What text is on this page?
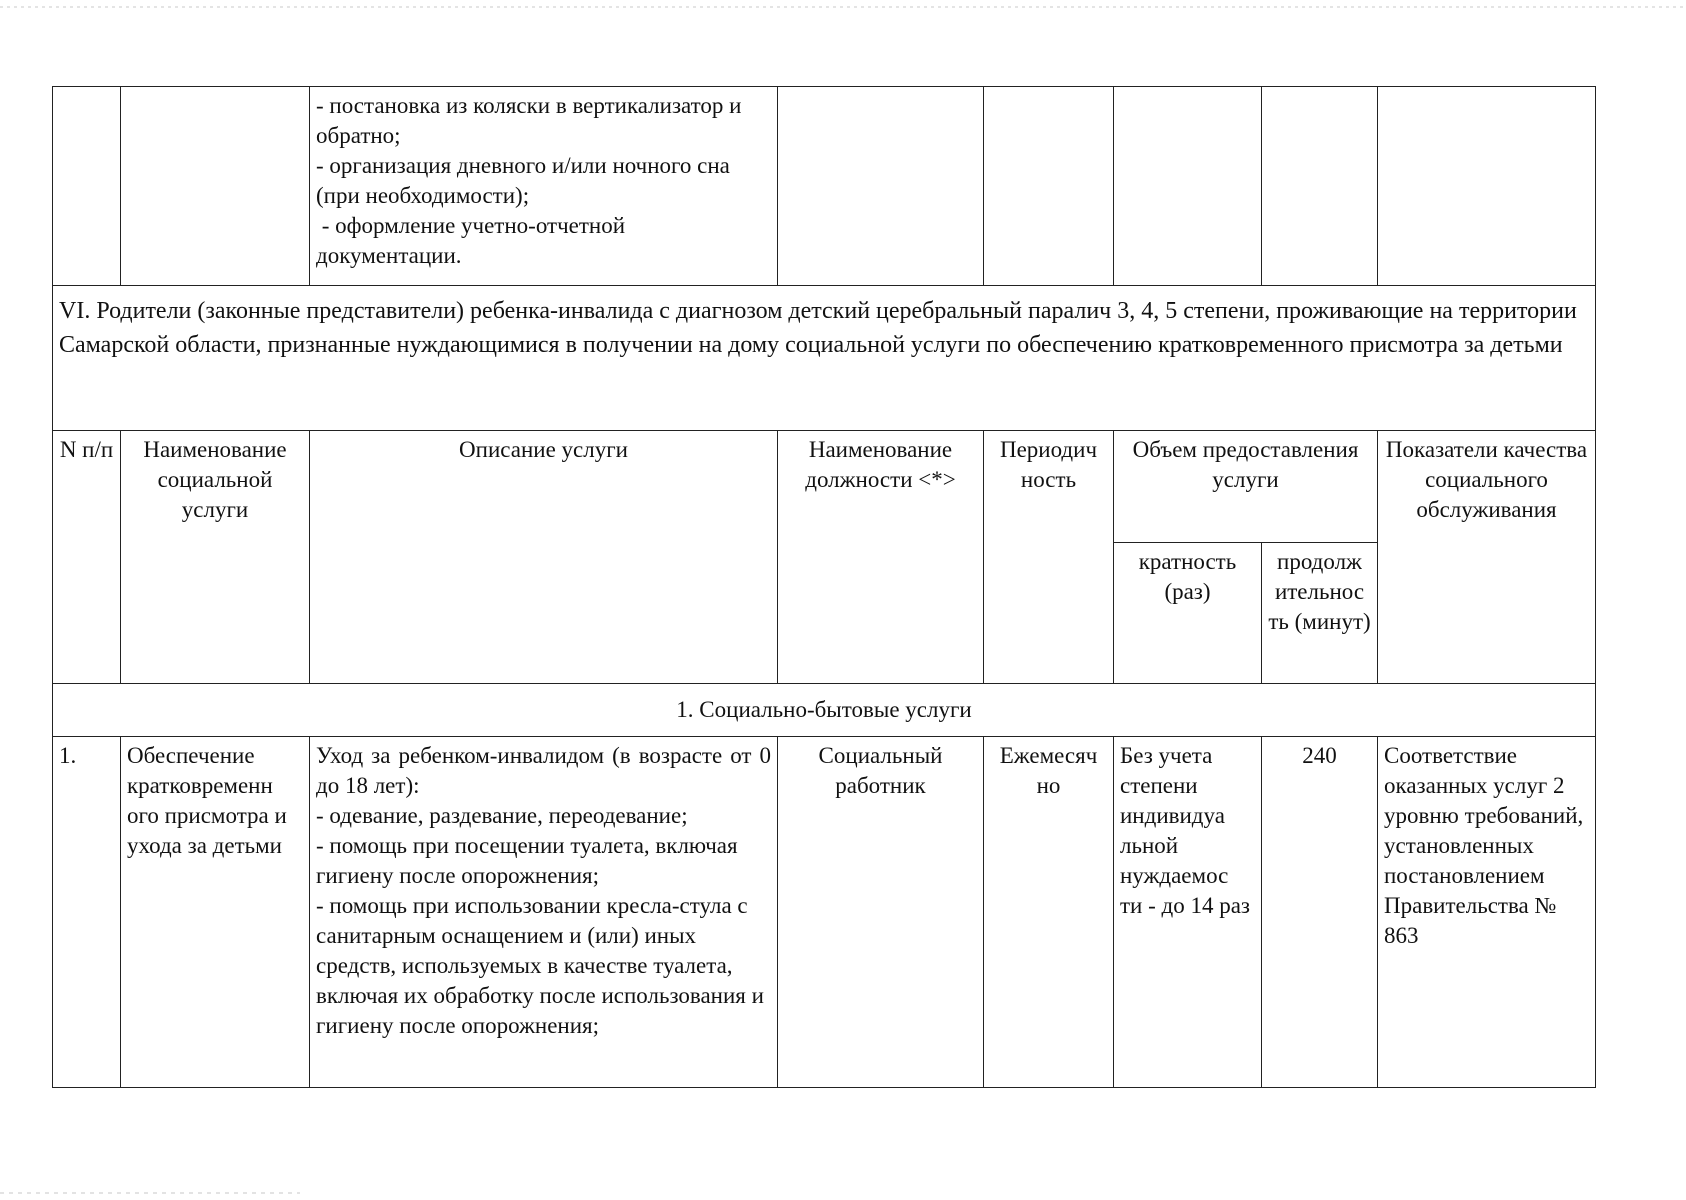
		- постановка из коляски в вертикализатор и обратно;
- организация дневного и/или ночного сна (при необходимости);
- оформление учетно-отчетной документации.					

VI. Родители (законные представители) ребенка-инвалида с диагнозом детский церебральный паралич 3, 4, 5 степени, проживающие на территории Самарской области, признанные нуждающимися в получении на дому социальной услуги по обеспечению кратковременного присмотра за детьми							
N п/п	Наименование социальной услуги	Описание услуги	Наименование должности <*>	Периодич ность	Объем предоставления услуги		Показатели качества социального обслуживания
					кратность (раз)	продолж ительнос ть (минут)	
1. Социально-бытовые услуги							
1.	Обеспечение кратковременн ого присмотра и ухода за детьми	Уход за ребенком-инвалидом (в возрасте от 0 до 18 лет):
- одевание, раздевание, переодевание;
- помощь при посещении туалета, включая гигиену после опорожнения;
- помощь при использовании кресла-стула с санитарным оснащением и (или) иных средств, используемых в качестве туалета, включая их обработку после использования и гигиену после опорожнения;	Социальный работник	Ежемесяч но	Без учета степени индивидуа льной нуждаемос ти - до 14 раз	240	Соответствие оказанных услуг 2 уровню требований, установленных постановлением Правительства № 863
